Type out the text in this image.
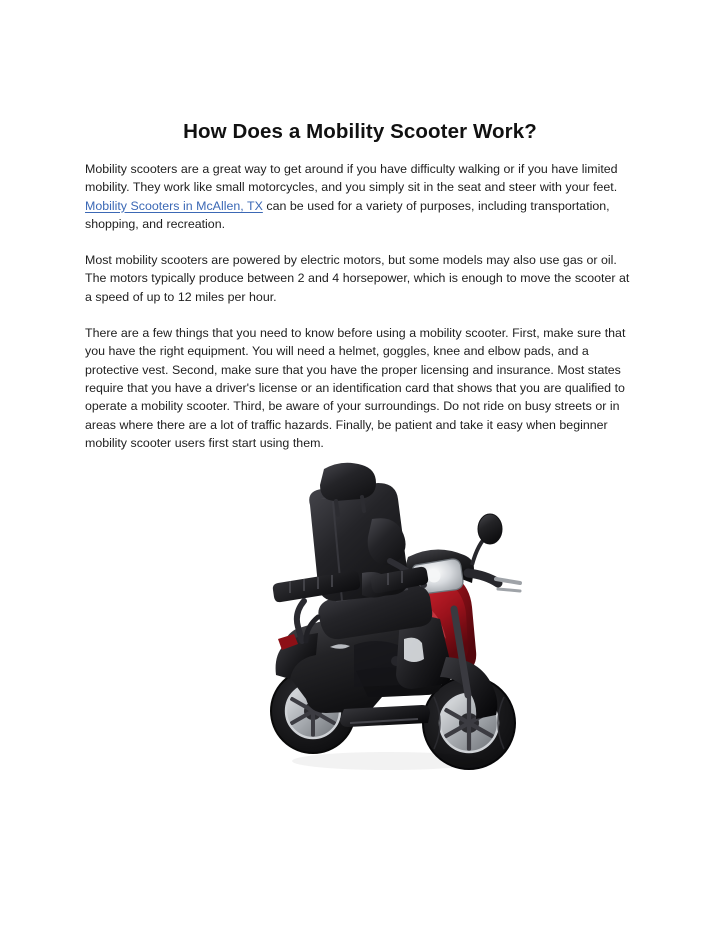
How Does a Mobility Scooter Work?

Mobility scooters are a great way to get around if you have difficulty walking or if you have limited mobility. They work like small motorcycles, and you simply sit in the seat and steer with your feet. Mobility Scooters in McAllen, TX can be used for a variety of purposes, including transportation, shopping, and recreation.

Most mobility scooters are powered by electric motors, but some models may also use gas or oil. The motors typically produce between 2 and 4 horsepower, which is enough to move the scooter at a speed of up to 12 miles per hour.

There are a few things that you need to know before using a mobility scooter. First, make sure that you have the right equipment. You will need a helmet, goggles, knee and elbow pads, and a protective vest. Second, make sure that you have the proper licensing and insurance. Most states require that you have a driver's license or an identification card that shows that you are qualified to operate a mobility scooter. Third, be aware of your surroundings. Do not ride on busy streets or in areas where there are a lot of traffic hazards. Finally, be patient and take it easy when beginner mobility scooter users first start using them.
